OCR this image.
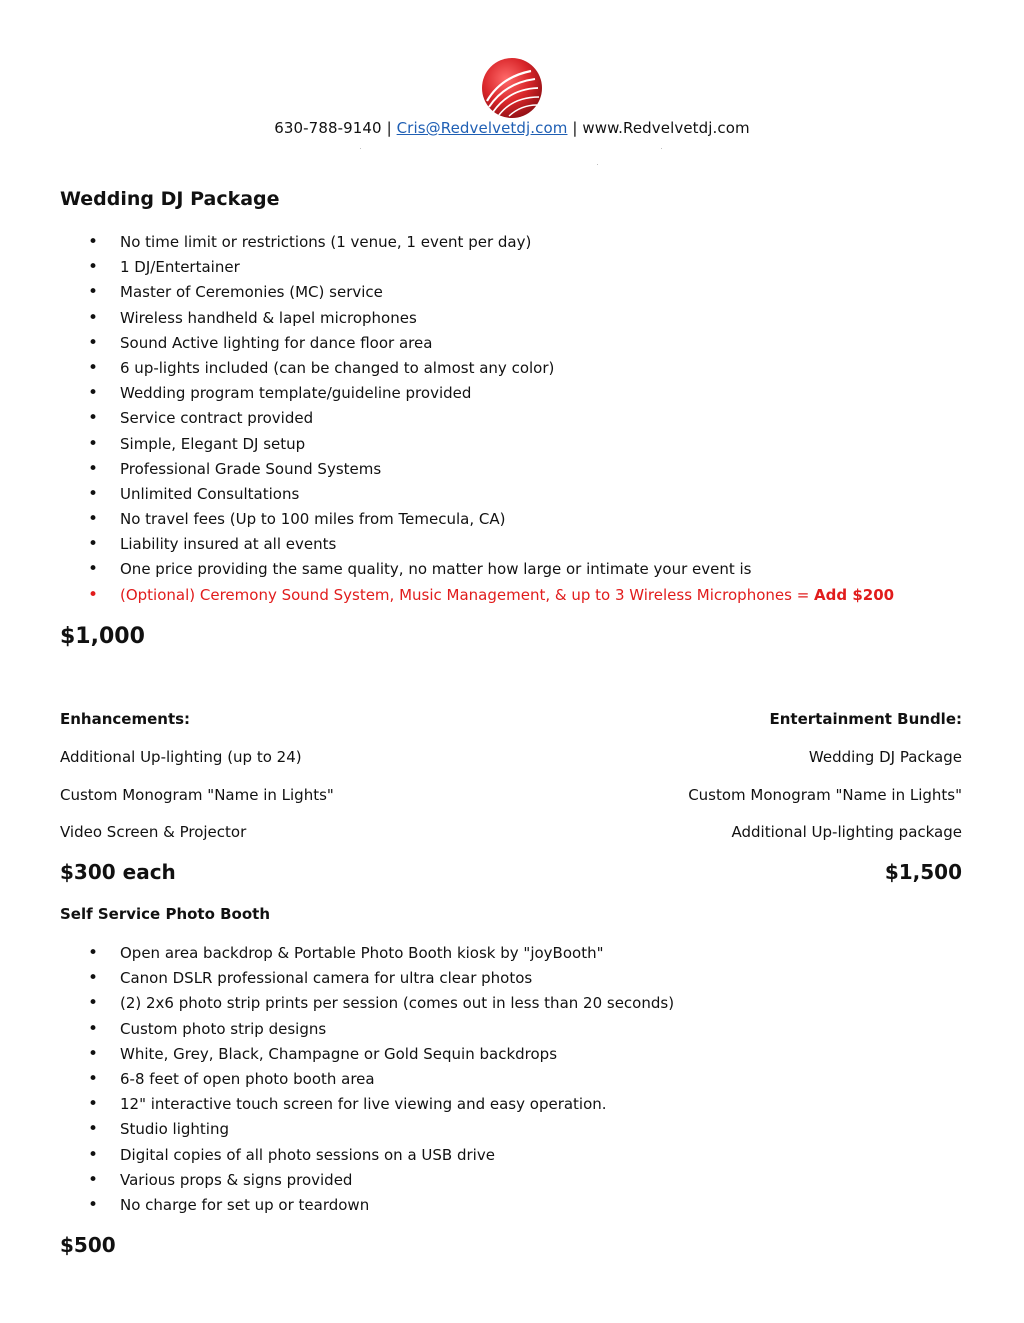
630-788-9140 | Cris@Redvelvetdj.com | www.Redvelvetdj.com
Wedding DJ Package
• No time limit or restrictions (1 venue, 1 event per day)
• 1 DJ/Entertainer
• Master of Ceremonies (MC) service
• Wireless handheld & lapel microphones
• Sound Active lighting for dance floor area
• 6 up-lights included (can be changed to almost any color)
• Wedding program template/guideline provided
• Service contract provided
• Simple, Elegant DJ setup
• Professional Grade Sound Systems
• Unlimited Consultations
• No travel fees (Up to 100 miles from Temecula, CA)
• Liability insured at all events
• One price providing the same quality, no matter how large or intimate your event is
• (Optional) Ceremony Sound System, Music Management, & up to 3 Wireless Microphones = Add $200
$1,000
Enhancements:
Additional Up-lighting (up to 24)
Custom Monogram "Name in Lights"
Video Screen & Projector
$300 each
Entertainment Bundle:
Wedding DJ Package
Custom Monogram "Name in Lights"
Additional Up-lighting package
$1,500
Self Service Photo Booth
• Open area backdrop & Portable Photo Booth kiosk by "joyBooth"
• Canon DSLR professional camera for ultra clear photos
• (2) 2x6 photo strip prints per session (comes out in less than 20 seconds)
• Custom photo strip designs
• White, Grey, Black, Champagne or Gold Sequin backdrops
• 6-8 feet of open photo booth area
• 12" interactive touch screen for live viewing and easy operation.
• Studio lighting
• Digital copies of all photo sessions on a USB drive
• Various props & signs provided
• No charge for set up or teardown
$500
